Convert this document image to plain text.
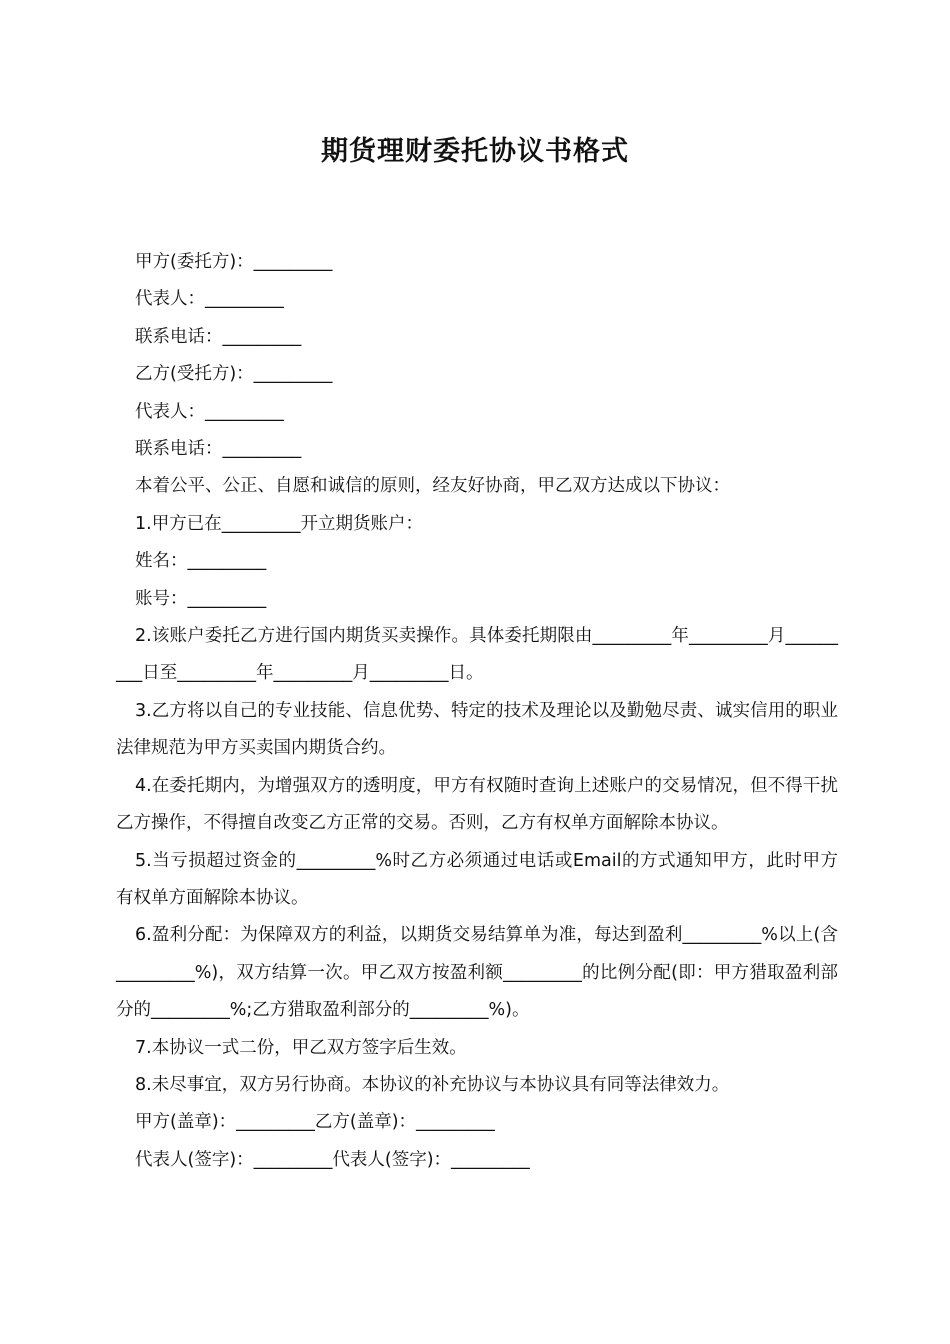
期货理财委托协议书格式
甲方(委托方)：_________
代表人：_________
联系电话：_________
乙方(受托方)：_________
代表人：_________
联系电话：_________
本着公平、公正、自愿和诚信的原则，经友好协商，甲乙双方达成以下协议：
1.甲方已在_________开立期货账户：
姓名：_________
账号：_________
2.该账户委托乙方进行国内期货买卖操作。具体委托期限由_________年_________月_________日至_________年_________月_________日。
3.乙方将以自己的专业技能、信息优势、特定的技术及理论以及勤勉尽责、诚实信用的职业法律规范为甲方买卖国内期货合约。
4.在委托期内，为增强双方的透明度，甲方有权随时查询上述账户的交易情况，但不得干扰乙方操作，不得擅自改变乙方正常的交易。否则，乙方有权单方面解除本协议。
5.当亏损超过资金的_________%时乙方必须通过电话或Email的方式通知甲方，此时甲方有权单方面解除本协议。
6.盈利分配：为保障双方的利益，以期货交易结算单为准，每达到盈利_________%以上(含_________%)，双方结算一次。甲乙双方按盈利额_________的比例分配(即：甲方猎取盈利部分的_________%;乙方猎取盈利部分的_________%)。
7.本协议一式二份，甲乙双方签字后生效。
8.未尽事宜，双方另行协商。本协议的补充协议与本协议具有同等法律效力。
甲方(盖章)：_________乙方(盖章)：_________
代表人(签字)：_________代表人(签字)：_________
